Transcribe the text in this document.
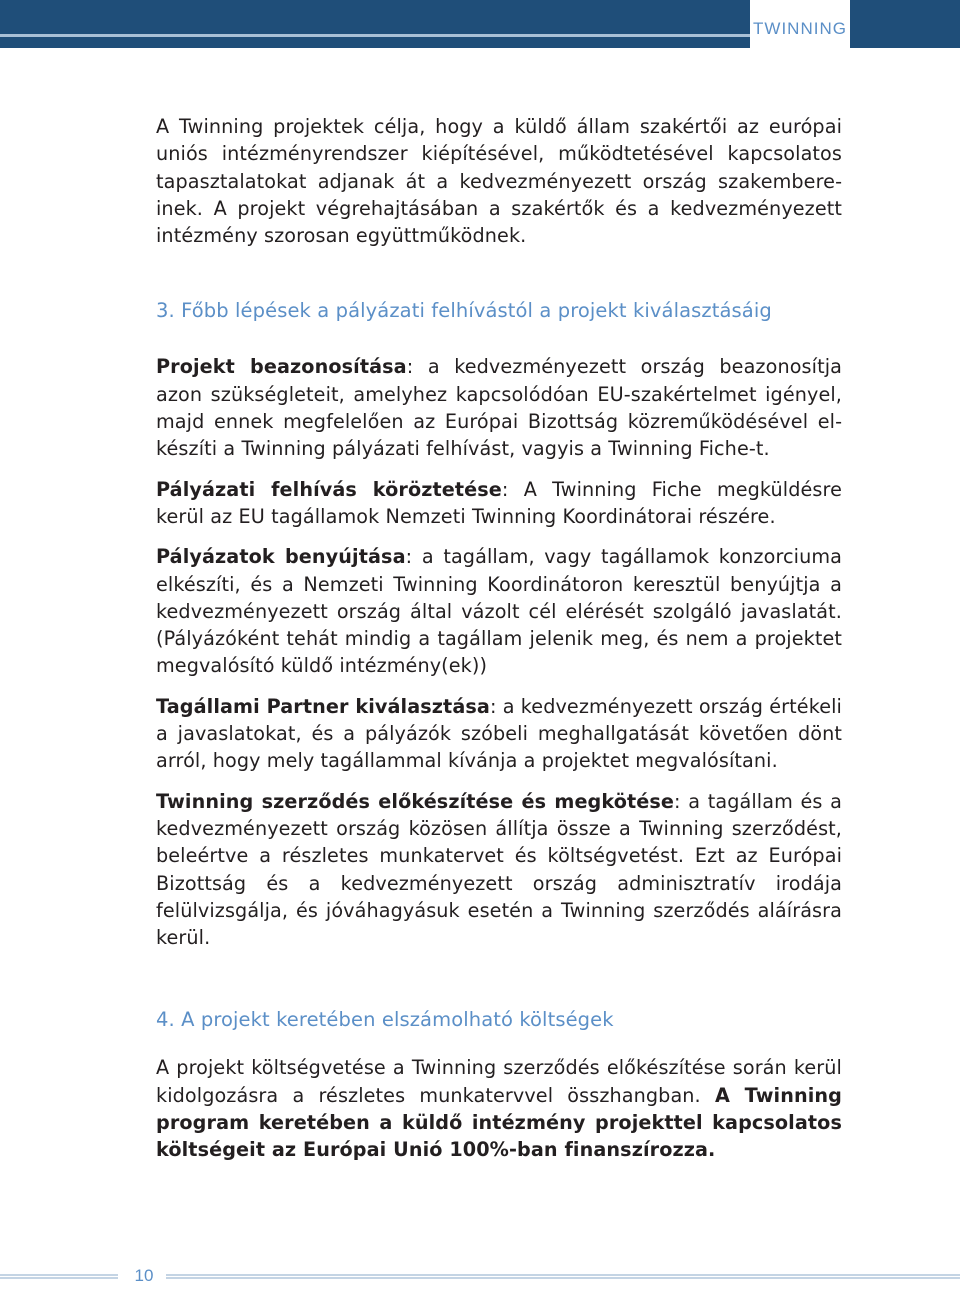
TWINNING

A Twinning projektek célja, hogy a küldő állam szakértői az európai uniós intézményrendszer kiépítésével, működtetésével kapcsolatos tapasztalatokat adjanak át a kedvezményezett ország szakembereinek. A projekt végrehajtásában a szakértők és a kedvezményezett intézmény szorosan együttműködnek.

3. Főbb lépések a pályázati felhívástól a projekt kiválasztásáig

Projekt beazonosítása: a kedvezményezett ország beazonosítja azon szükségleteit, amelyhez kapcsolódóan EU-szakértelmet igényel, majd ennek megfelelően az Európai Bizottság közreműködésével elkészíti a Twinning pályázati felhívást, vagyis a Twinning Fiche-t.

Pályázati felhívás köröztetése: A Twinning Fiche megküldésre kerül az EU tagállamok Nemzeti Twinning Koordinátorai részére.

Pályázatok benyújtása: a tagállam, vagy tagállamok konzorciuma elkészíti, és a Nemzeti Twinning Koordinátoron keresztül benyújtja a kedvezményezett ország által vázolt cél elérését szolgáló javaslatát. (Pályázóként tehát mindig a tagállam jelenik meg, és nem a projektet megvalósító küldő intézmény(ek))

Tagállami Partner kiválasztása: a kedvezményezett ország értékeli a javaslatokat, és a pályázók szóbeli meghallgatását követően dönt arról, hogy mely tagállammal kívánja a projektet megvalósítani.

Twinning szerződés előkészítése és megkötése: a tagállam és a kedvezményezett ország közösen állítja össze a Twinning szerződést, beleértve a részletes munkatervet és költségvetést. Ezt az Európai Bizottság és a kedvezményezett ország adminisztratív irodája felülvizsgálja, és jóváhagyásuk esetén a Twinning szerződés aláírásra kerül.

4. A projekt keretében elszámolható költségek

A projekt költségvetése a Twinning szerződés előkészítése során kerül kidolgozásra a részletes munkatervvel összhangban. A Twinning program keretében a küldő intézmény projekttel kapcsolatos költségeit az Európai Unió 100%-ban finanszírozza.

10
